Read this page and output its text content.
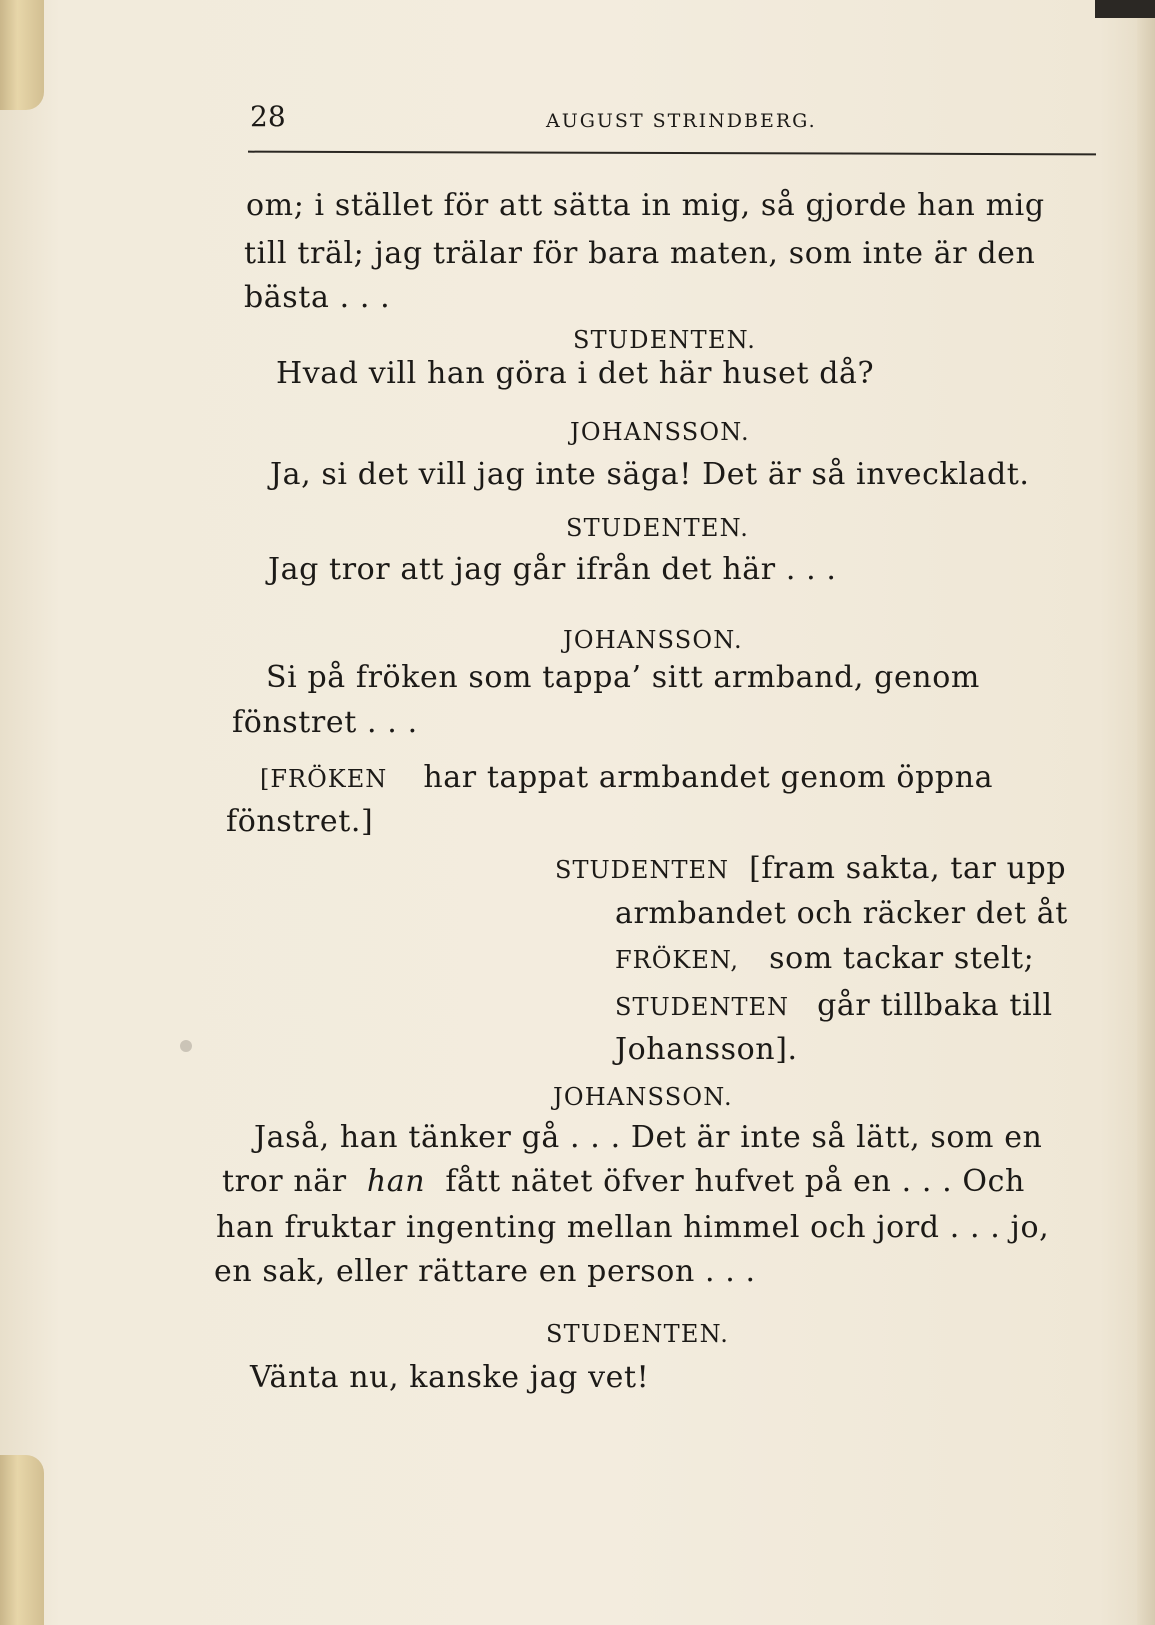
28	AUGUST STRINDBERG.
om; i stället för att sätta in mig, så gjorde han mig
till träl; jag trälar för bara maten, som inte är den
bästa . . .
STUDENTEN.
Hvad vill han göra i det här huset då?
JOHANSSON.
Ja, si det vill jag inte säga! Det är så inveckladt.
STUDENTEN.
Jag tror att jag går ifrån det här . . .
JOHANSSON.
Si på fröken som tappa’ sitt armband, genom
fönstret . . .
[FRÖKEN har tappat armbandet genom öppna
fönstret.]
STUDENTEN [fram sakta, tar upp
armbandet och räcker det åt
FRÖKEN, som tackar stelt;
STUDENTEN går tillbaka till
Johansson].
JOHANSSON.
Jaså, han tänker gå . . . Det är inte så lätt, som en
tror när han fått nätet öfver hufvet på en . . . Och
han fruktar ingenting mellan himmel och jord . . . jo,
en sak, eller rättare en person . . .
STUDENTEN.
Vänta nu, kanske jag vet!
